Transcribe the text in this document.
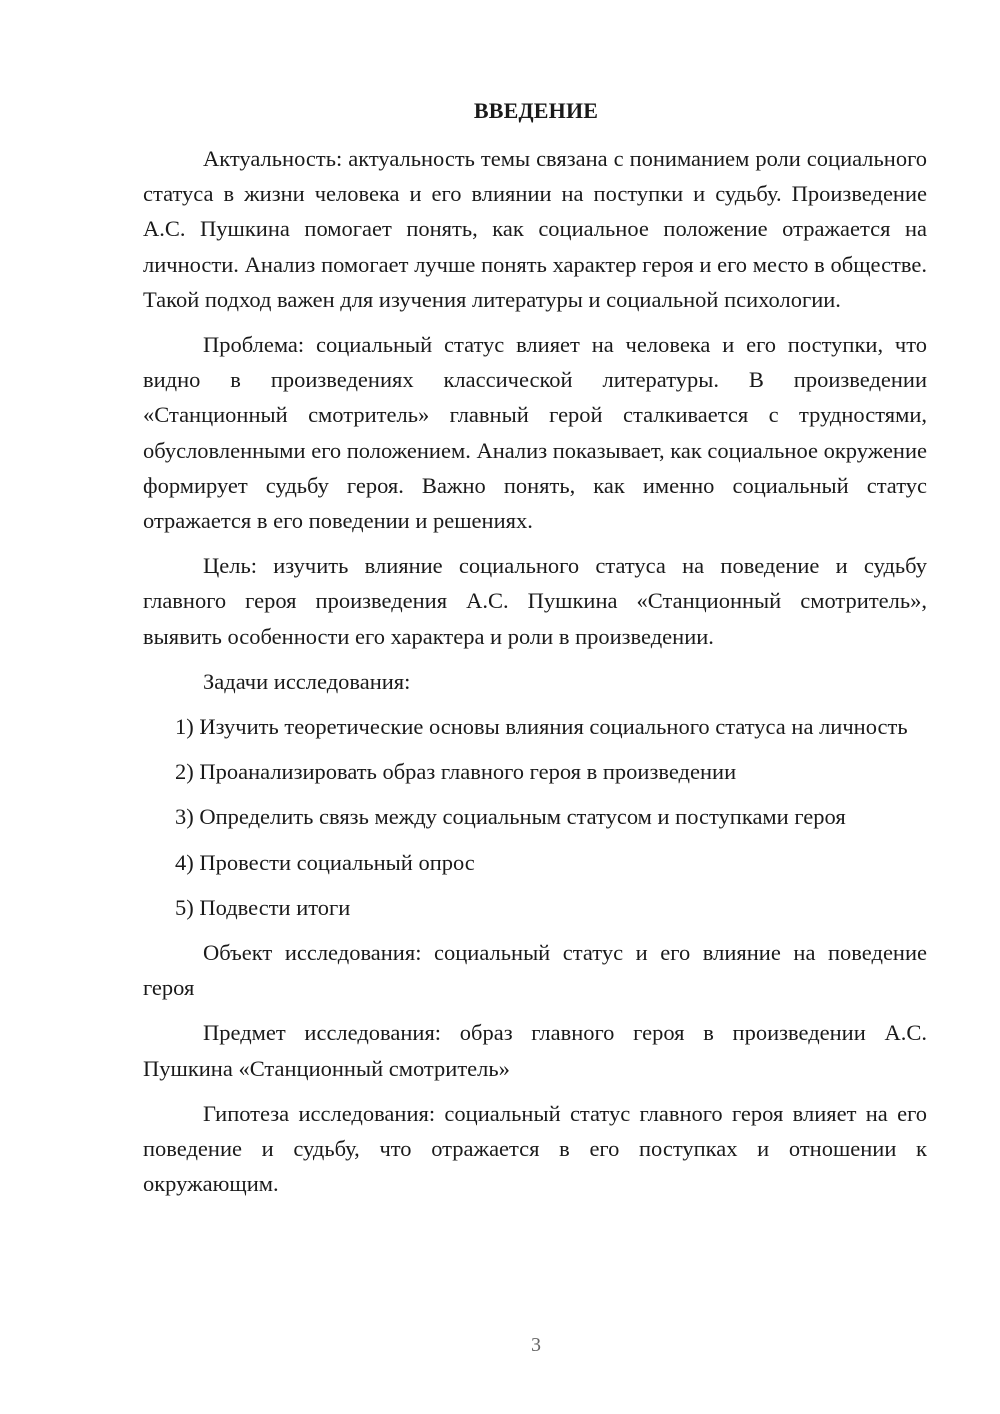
ВВЕДЕНИЕ

Актуальность: актуальность темы связана с пониманием роли социального статуса в жизни человека и его влиянии на поступки и судьбу. Произведение А.С. Пушкина помогает понять, как социальное положение отражается на личности. Анализ помогает лучше понять характер героя и его место в обществе. Такой подход важен для изучения литературы и социальной психологии.

Проблема: социальный статус влияет на человека и его поступки, что видно в произведениях классической литературы. В произведении «Станционный смотритель» главный герой сталкивается с трудностями, обусловленными его положением. Анализ показывает, как социальное окружение формирует судьбу героя. Важно понять, как именно социальный статус отражается в его поведении и решениях.

Цель: изучить влияние социального статуса на поведение и судьбу главного героя произведения А.С. Пушкина «Станционный смотритель», выявить особенности его характера и роли в произведении.

Задачи исследования:

1) Изучить теоретические основы влияния социального статуса на личность

2) Проанализировать образ главного героя в произведении

3) Определить связь между социальным статусом и поступками героя

4) Провести социальный опрос

5) Подвести итоги

Объект исследования: социальный статус и его влияние на поведение героя

Предмет исследования: образ главного героя в произведении А.С. Пушкина «Станционный смотритель»

Гипотеза исследования: социальный статус главного героя влияет на его поведение и судьбу, что отражается в его поступках и отношении к окружающим.

3
